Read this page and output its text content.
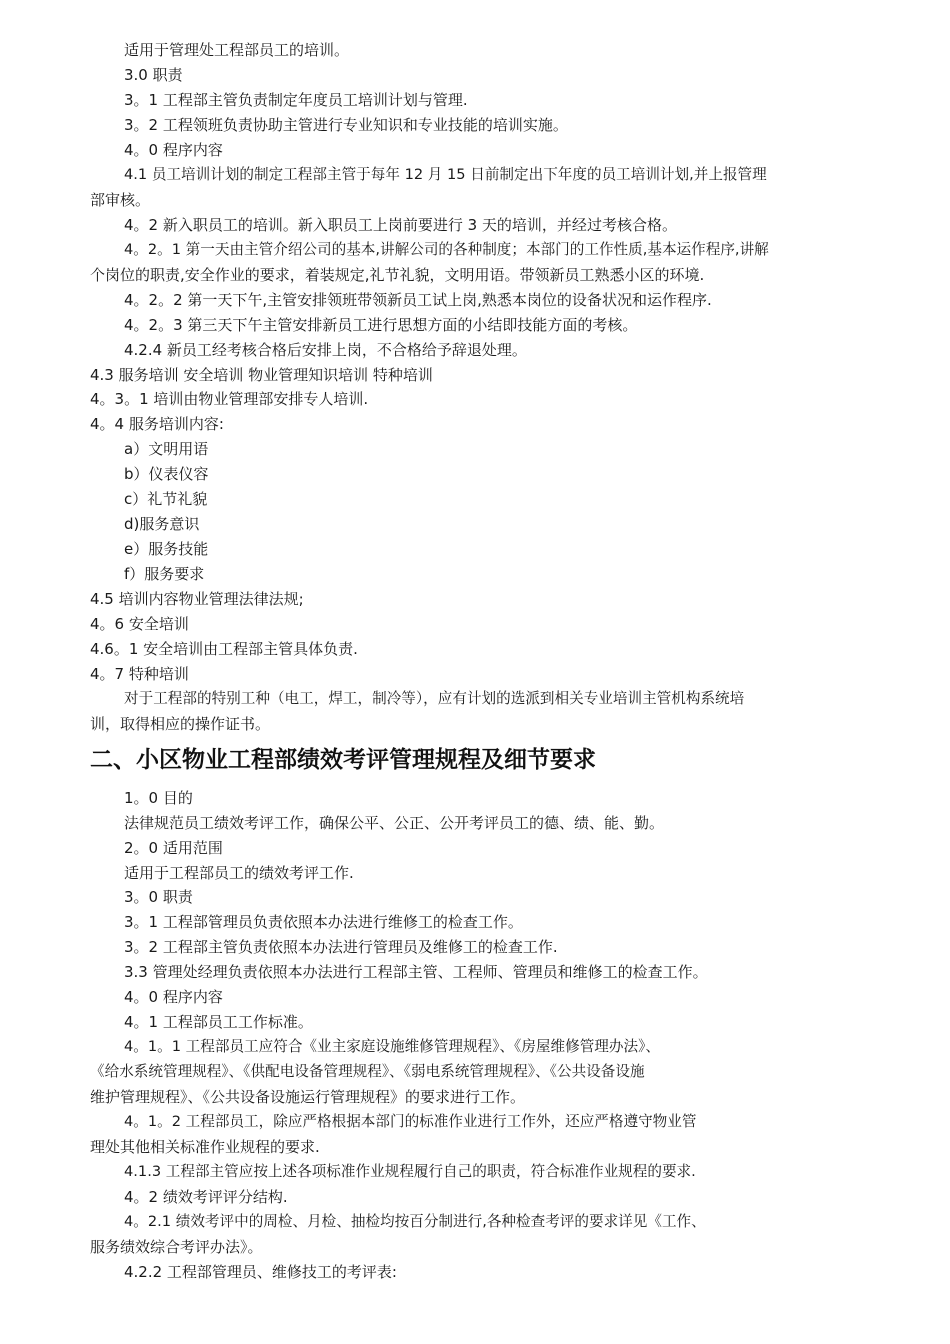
适用于管理处工程部员工的培训。
3.0 职责
3。1 工程部主管负责制定年度员工培训计划与管理.
3。2 工程领班负责协助主管进行专业知识和专业技能的培训实施。
4。0 程序内容
4.1 员工培训计划的制定工程部主管于每年 12 月 15 日前制定出下年度的员工培训计划,并上报管理
部审核。
4。2 新入职员工的培训。新入职员工上岗前要进行 3 天的培训，并经过考核合格。
4。2。1 第一天由主管介绍公司的基本,讲解公司的各种制度；本部门的工作性质,基本运作程序,讲解
个岗位的职责,安全作业的要求，着装规定,礼节礼貌，文明用语。带领新员工熟悉小区的环境.
4。2。2 第一天下午,主管安排领班带领新员工试上岗,熟悉本岗位的设备状况和运作程序.
4。2。3 第三天下午主管安排新员工进行思想方面的小结即技能方面的考核。
4.2.4 新员工经考核合格后安排上岗，不合格给予辞退处理。
4.3 服务培训 安全培训 物业管理知识培训 特种培训
4。3。1 培训由物业管理部安排专人培训.
4。4 服务培训内容:
a）文明用语
b）仪表仪容
c）礼节礼貌
d)服务意识
e）服务技能
f）服务要求
4.5 培训内容物业管理法律法规;
4。6 安全培训
4.6。1 安全培训由工程部主管具体负责.
4。7 特种培训
对于工程部的特别工种（电工，焊工，制冷等），应有计划的选派到相关专业培训主管机构系统培
训，取得相应的操作证书。
二、小区物业工程部绩效考评管理规程及细节要求
1。0 目的
法律规范员工绩效考评工作，确保公平、公正、公开考评员工的德、绩、能、勤。
2。0 适用范围
适用于工程部员工的绩效考评工作.
3。0 职责
3。1 工程部管理员负责依照本办法进行维修工的检查工作。
3。2 工程部主管负责依照本办法进行管理员及维修工的检查工作.
3.3 管理处经理负责依照本办法进行工程部主管、工程师、管理员和维修工的检查工作。
4。0 程序内容
4。1 工程部员工工作标准。
4。1。1 工程部员工应符合《业主家庭设施维修管理规程》、《房屋维修管理办法》、
《给水系统管理规程》、《供配电设备管理规程》、《弱电系统管理规程》、《公共设备设施
维护管理规程》、《公共设备设施运行管理规程》的要求进行工作。
4。1。2 工程部员工，除应严格根据本部门的标准作业进行工作外，还应严格遵守物业管
理处其他相关标准作业规程的要求.
4.1.3 工程部主管应按上述各项标准作业规程履行自己的职责，符合标准作业规程的要求.
4。2 绩效考评评分结构.
4。2.1 绩效考评中的周检、月检、抽检均按百分制进行,各种检查考评的要求详见《工作、
服务绩效综合考评办法》。
4.2.2 工程部管理员、维修技工的考评表:
